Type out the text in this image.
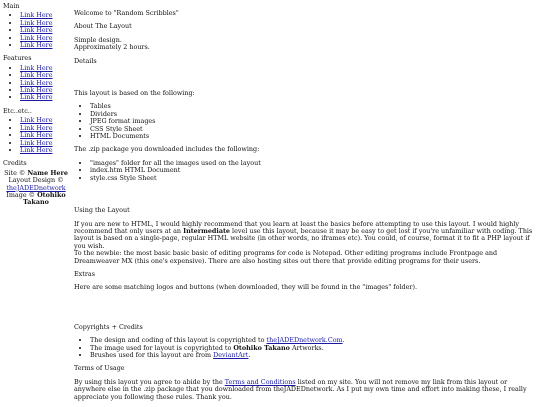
Main
• Link Here
• Link Here
• Link Here
• Link Here
• Link Here
Features
• Link Here
• Link Here
• Link Here
• Link Here
• Link Here
Etc..etc..
• Link Here
• Link Here
• Link Here
• Link Here
• Link Here
Credits
Site © Name Here
Layout Design ©
theJADEDnetwork
Image © Otohiko Takano

Welcome to "Random Scribbles"

About The Layout

Simple design.
Approximately 2 hours.

Details

This layout is based on the following:

• Tables
• Dividers
• JPEG format images
• CSS Style Sheet
• HTML Documents

The .zip package you downloaded includes the following:

• "images" folder for all the images used on the layout
• index.htm HTML Document
• style.css Style Sheet

Using the Layout

If you are new to HTML, I would highly recommend that you learn at least the basics before attempting to use this layout. I would highly recommend that only users at an Intermediate level use this layout, because it may be easy to get lost if you're unfamiliar with coding. This layout is based on a single-page, regular HTML website (in other words, no iframes etc). You could, of course, format it to fit a PHP layout if you wish.

To the newbie: the most basic basic basic of editing programs for code is Notepad. Other editing programs include Frontpage and Dreamweaver MX (this one's expensive). There are also hosting sites out there that provide editing programs for their users.

Extras

Here are some matching logos and buttons (when downloaded, they will be found in the "images" folder).

Copyrights + Credits

• The design and coding of this layout is copyrighted to theJADEDnetwork.Com.
• The image used for layout is copyrighted to Otohiko Takano Artworks.
• Brushes used for this layout are from DeviantArt.

Terms of Usage

By using this layout you agree to abide by the Terms and Conditions listed on my site. You will not remove my link from this layout or anywhere else in the .zip package that you downloaded from theJADEDnetwork. As I put my own time and effort into making these, I really appreciate you following these rules. Thank you.
